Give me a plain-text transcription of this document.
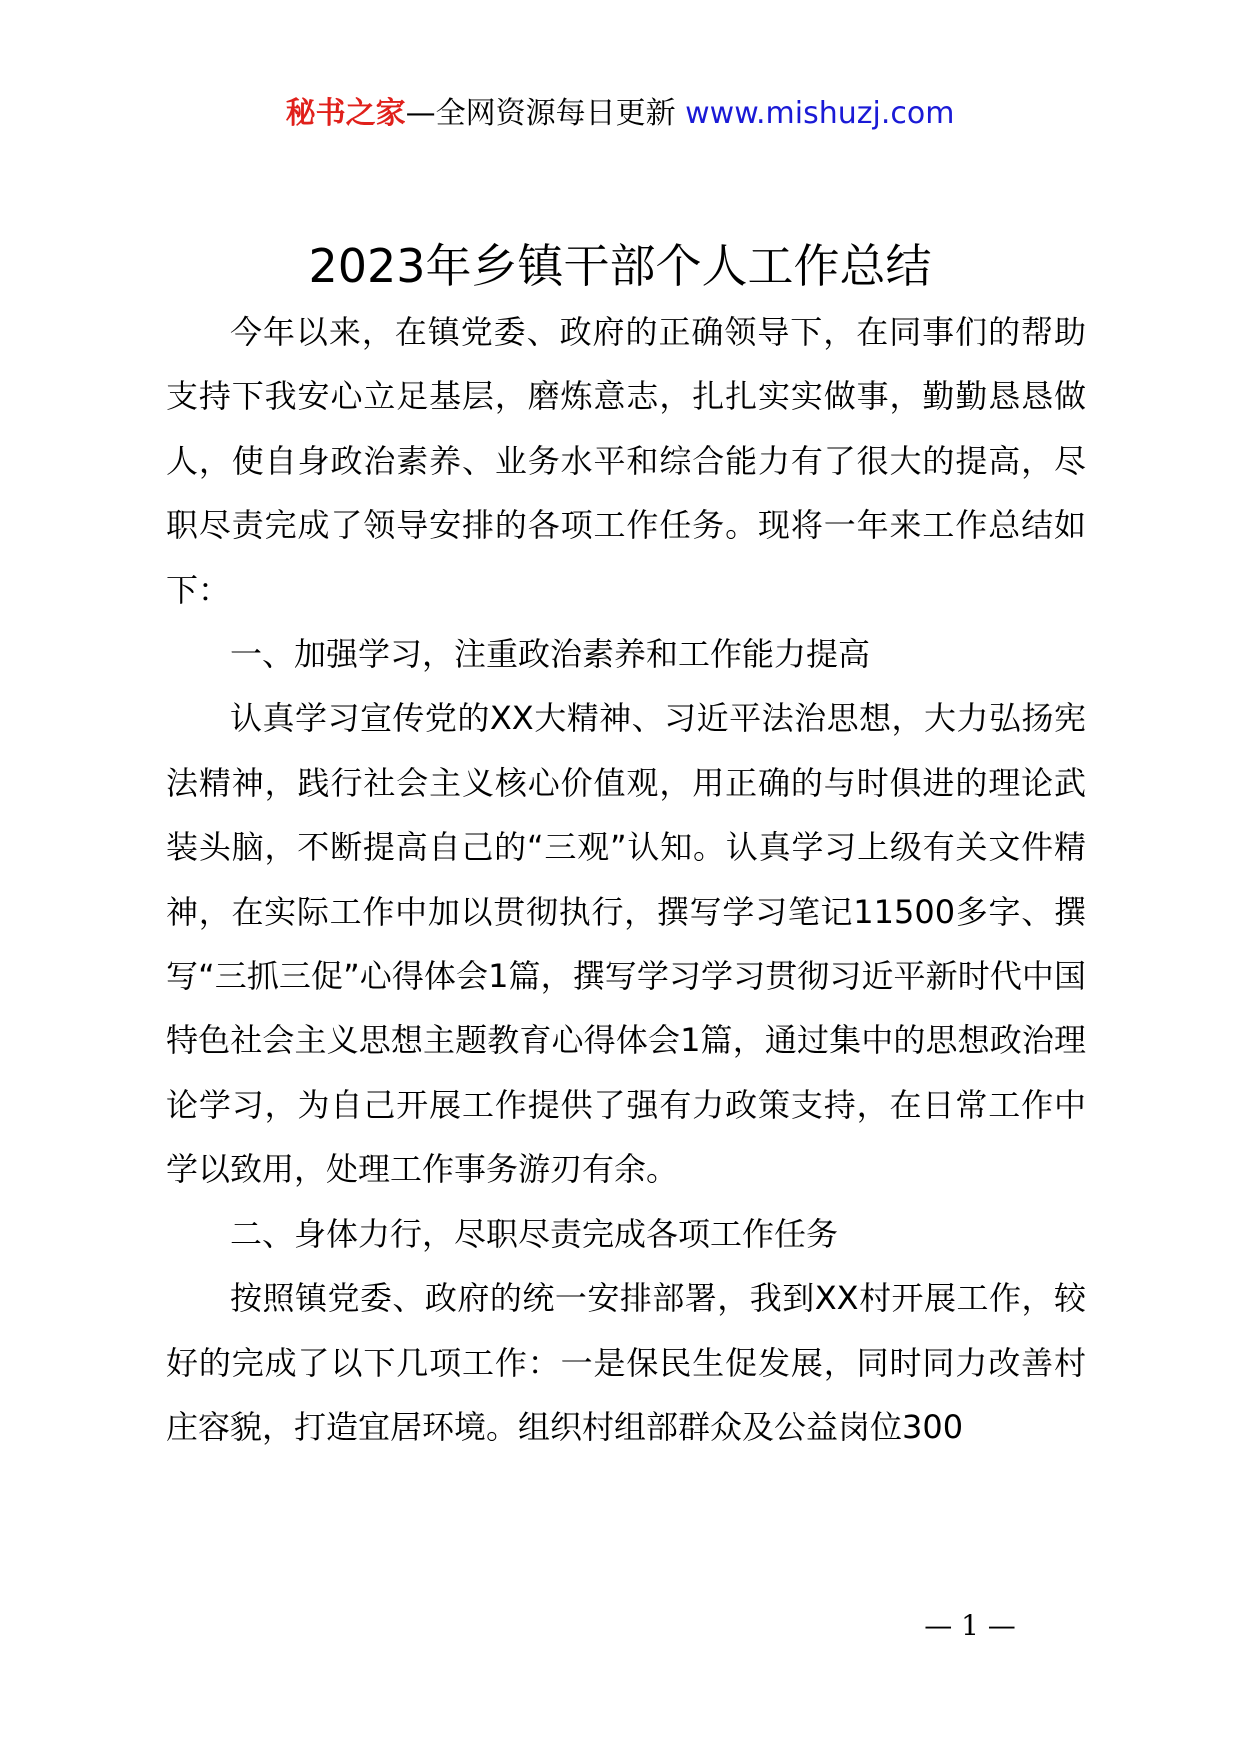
秘书之家—全网资源每日更新 www.mishuzj.com
2023年乡镇干部个人工作总结

今年以来，在镇党委、政府的正确领导下，在同事们的帮助支持下我安心立足基层，磨炼意志，扎扎实实做事，勤勤恳恳做人，使自身政治素养、业务水平和综合能力有了很大的提高，尽职尽责完成了领导安排的各项工作任务。现将一年来工作总结如下：

一、加强学习，注重政治素养和工作能力提高

认真学习宣传党的XX大精神、习近平法治思想，大力弘扬宪法精神，践行社会主义核心价值观，用正确的与时俱进的理论武装头脑，不断提高自己的“三观”认知。认真学习上级有关文件精神，在实际工作中加以贯彻执行，撰写学习笔记11500多字、撰写“三抓三促”心得体会1篇，撰写学习学习贯彻习近平新时代中国特色社会主义思想主题教育心得体会1篇，通过集中的思想政治理论学习，为自己开展工作提供了强有力政策支持，在日常工作中学以致用，处理工作事务游刃有余。

二、身体力行，尽职尽责完成各项工作任务

按照镇党委、政府的统一安排部署，我到XX村开展工作，较好的完成了以下几项工作：一是保民生促发展，同时同力改善村庄容貌，打造宜居环境。组织村组部群众及公益岗位300

— 1 —
